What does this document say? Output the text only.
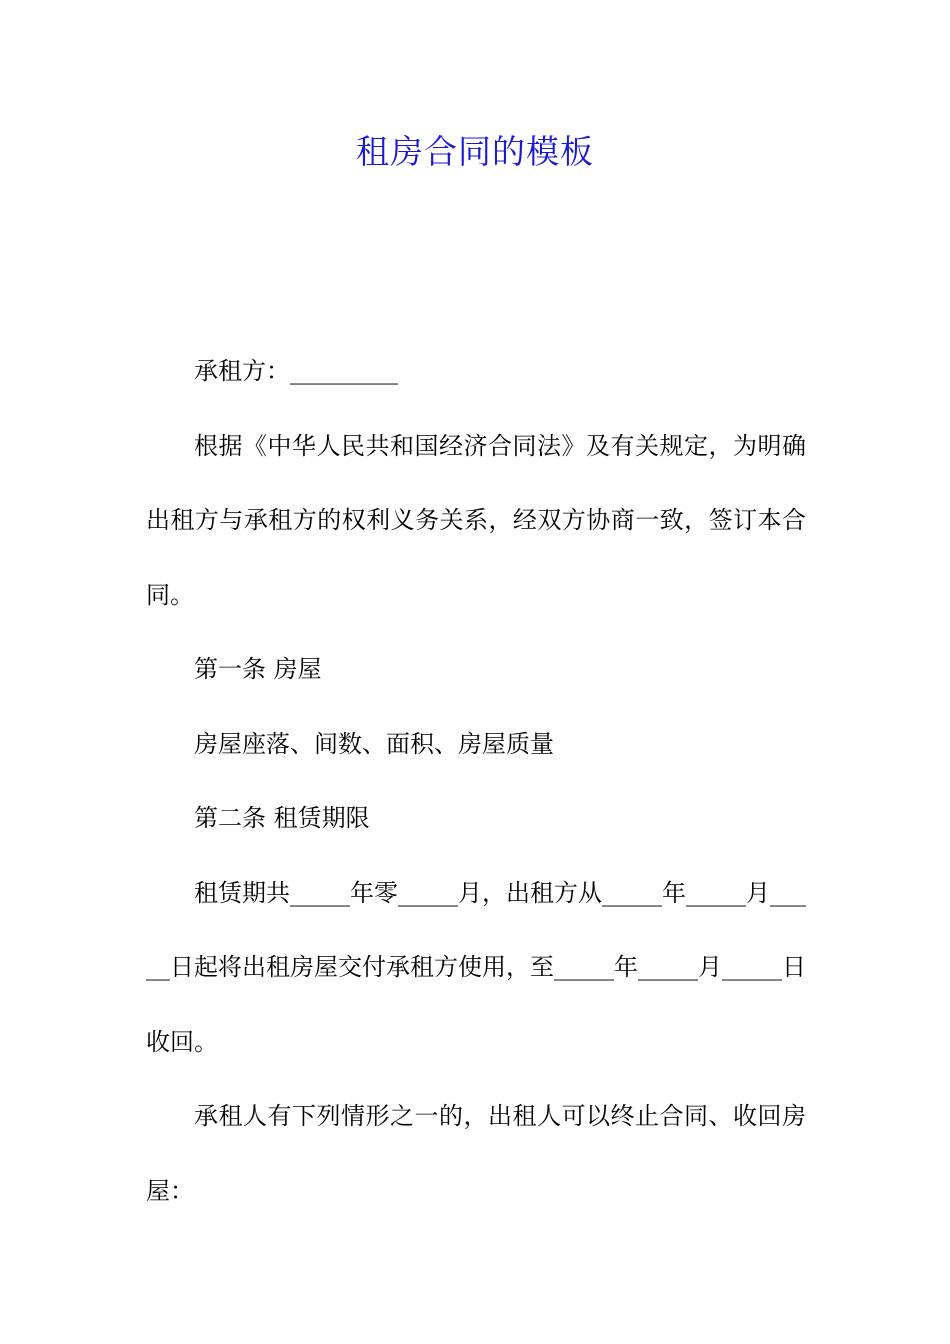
租房合同的模板

承租方：_________

根据《中华人民共和国经济合同法》及有关规定，为明确出租方与承租方的权利义务关系，经双方协商一致，签订本合同。

第一条 房屋

房屋座落、间数、面积、房屋质量

第二条 租赁期限

租赁期共_____年零_____月，出租方从_____年_____月_____日起将出租房屋交付承租方使用，至_____年_____月_____日收回。

承租人有下列情形之一的，出租人可以终止合同、收回房屋：
